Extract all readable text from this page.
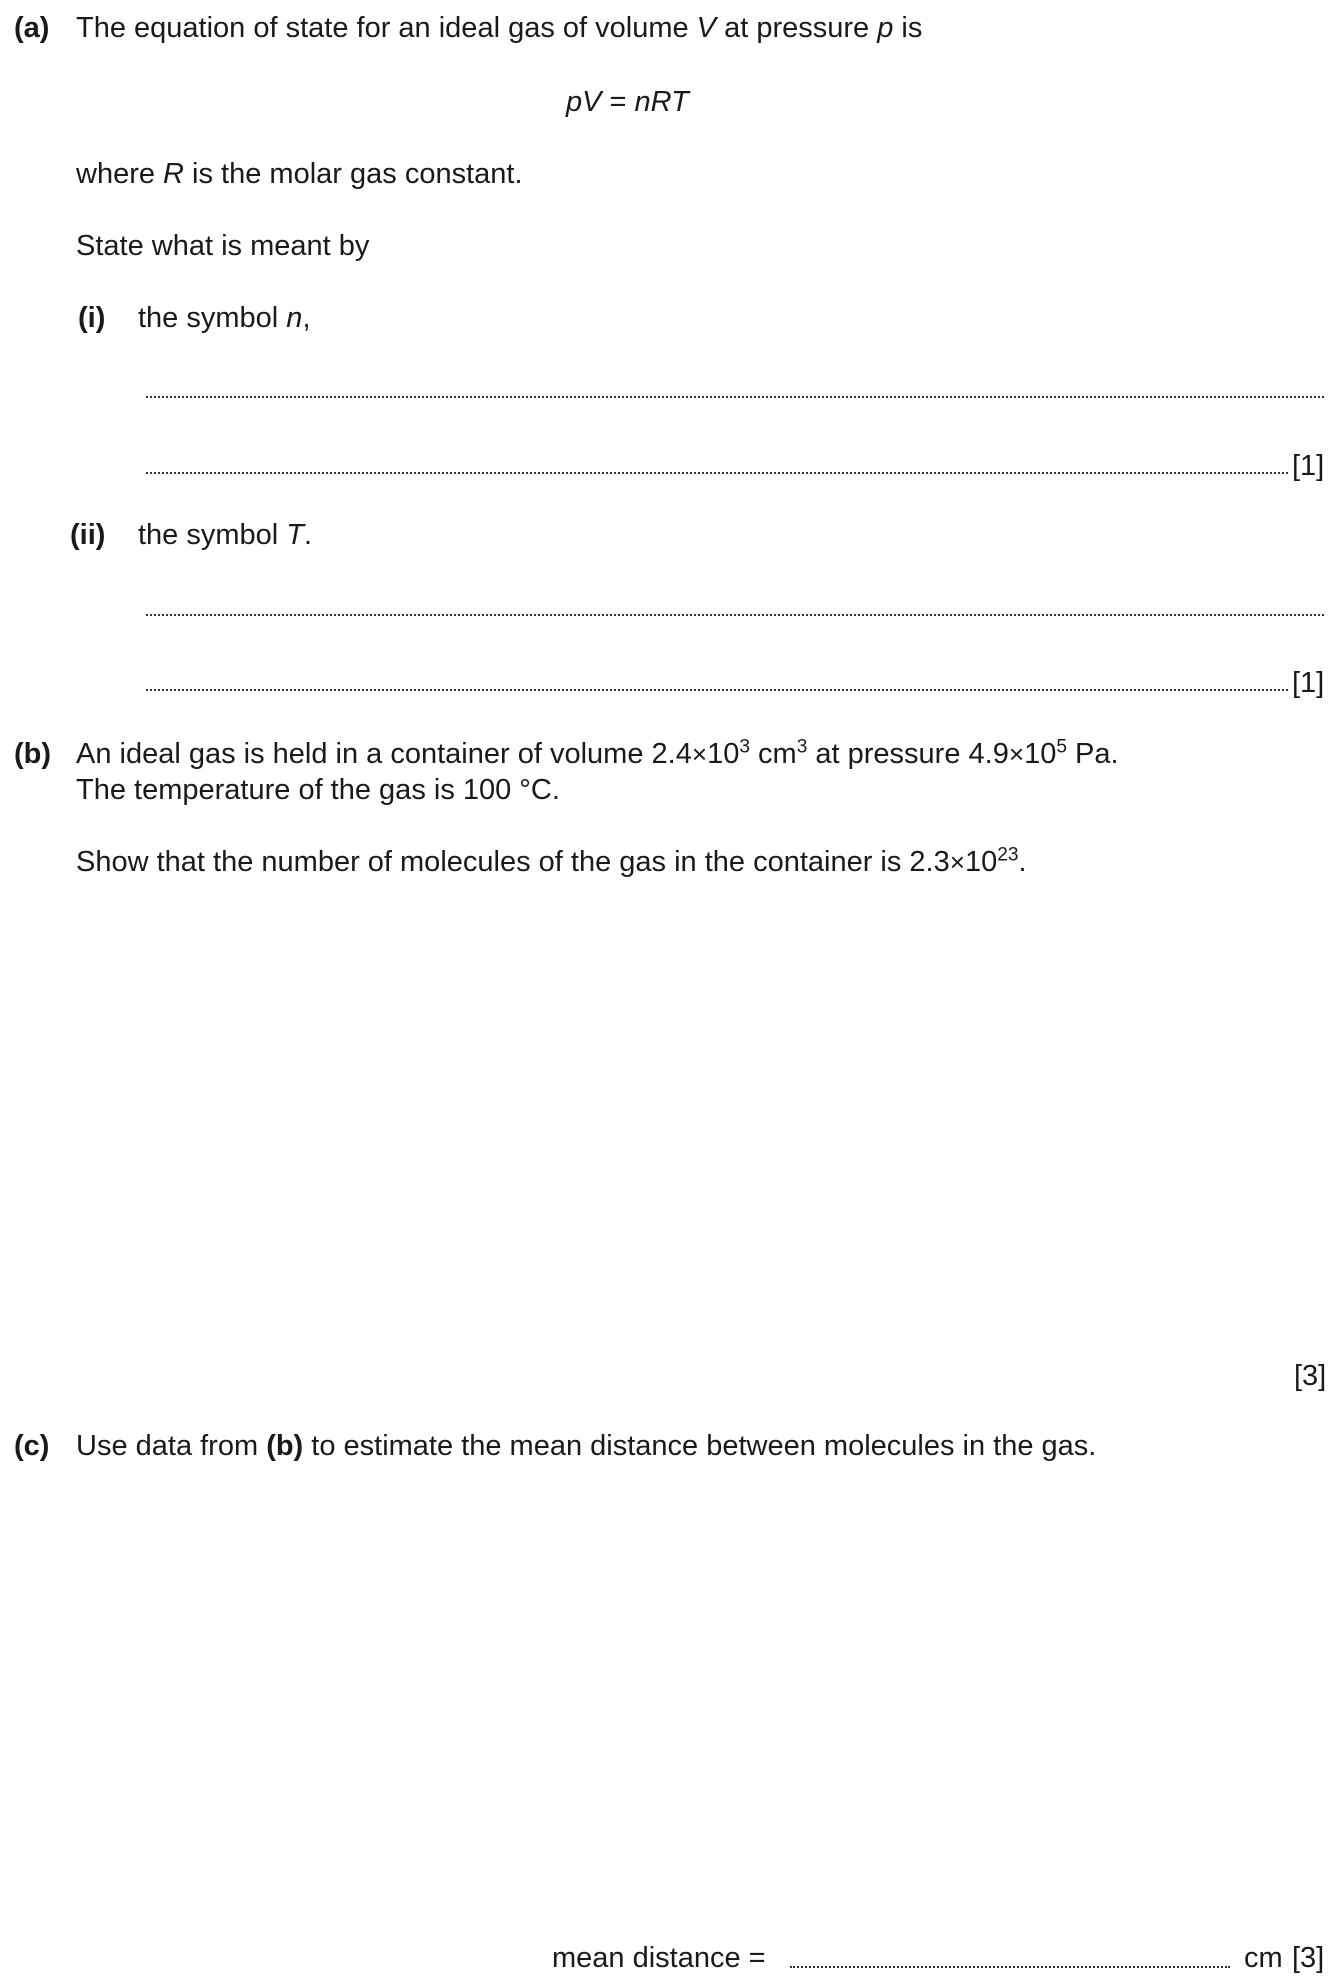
(a) The equation of state for an ideal gas of volume V at pressure p is
pV = nRT
where R is the molar gas constant.
State what is meant by
(i) the symbol n,
[1]
(ii) the symbol T.
[1]
(b) An ideal gas is held in a container of volume $2.4\times 10^3$ $cm^3$ at pressure $4.9\times 10^5$ Pa.
The temperature of the gas is 100 °C.
Show that the number of molecules of the gas in the container is $2.3\times 10^{23}$.
[3]
(c) Use data from (b) to estimate the mean distance between molecules in the gas.
mean distance =	cm [3]
